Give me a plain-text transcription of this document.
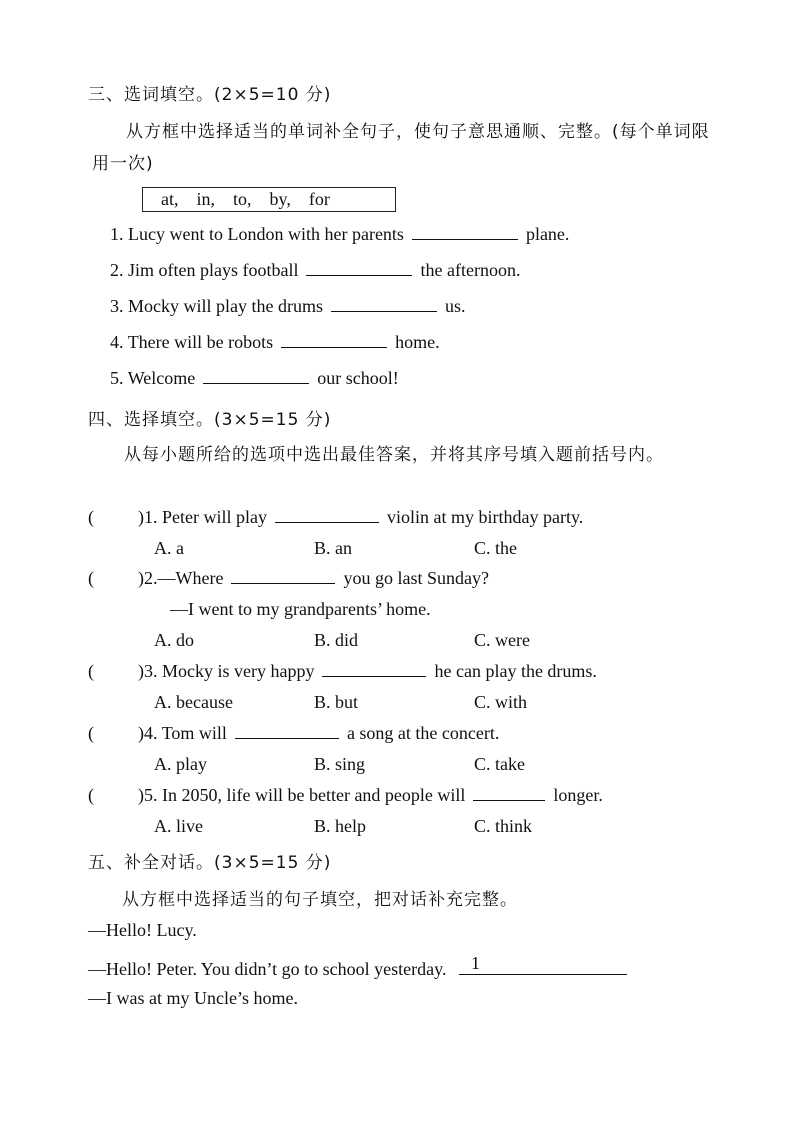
三、选词填空。(2×5=10 分)
从方框中选择适当的单词补全句子，使句子意思通顺、完整。(每个单词限用一次)
at, in, to, by, for
1. Lucy went to London with her parents	plane.
2. Jim often plays football	the afternoon.
3. Mocky will play the drums	us.
4. There will be robots	home.
5. Welcome	our school!
四、选择填空。(3×5=15 分)
从每小题所给的选项中选出最佳答案，并将其序号填入题前括号内。
( )1. Peter will play	violin at my birthday party.
A. a	B. an	C. the
( )2.—Where	you go last Sunday?
—I went to my grandparents’ home.
A. do	B. did	C. were
( )3. Mocky is very happy	he can play the drums.
A. because	B. but	C. with
( )4. Tom will	a song at the concert.
A. play	B. sing	C. take
( )5. In 2050, life will be better and people will	longer.
A. live	B. help	C. think
五、补全对话。(3×5=15 分)
从方框中选择适当的句子填空，把对话补充完整。
—Hello! Lucy.
—Hello! Peter. You didn’t go to school yesterday. 1
—I was at my Uncle’s home.
